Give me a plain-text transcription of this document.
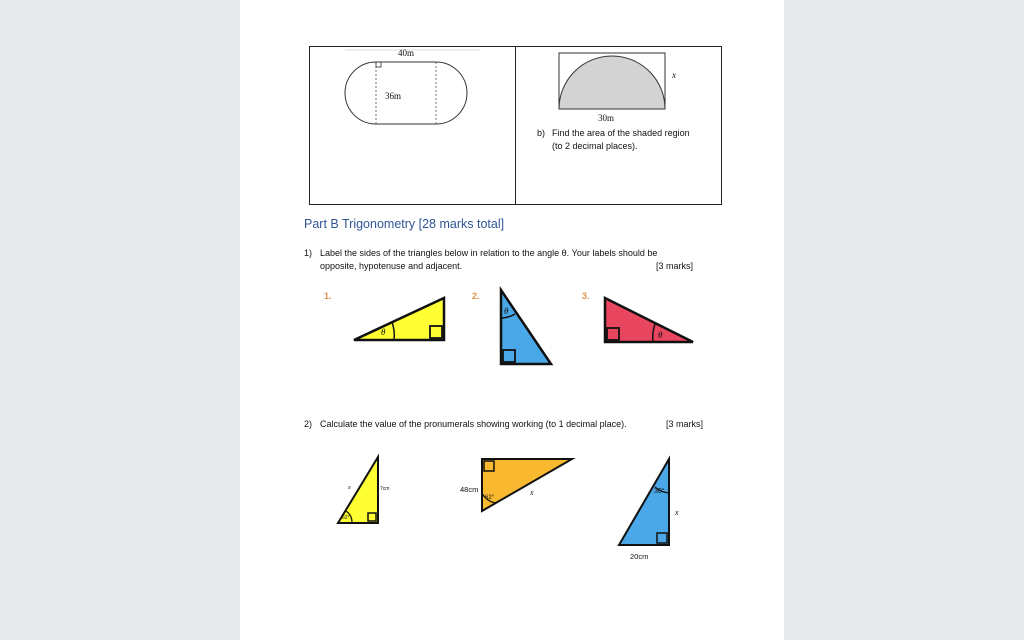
40m
36m
x
30m
b) Find the area of the shaded region
(to 2 decimal places).
Part B Trigonometry [28 marks total]
1) Label the sides of the triangles below in relation to the angle θ. Your labels should be
opposite, hypotenuse and adjacent.	[3 marks]
1.	2.	3.
θ
θ
θ
2) Calculate the value of the pronumerals showing working (to 1 decimal place).	[3 marks]
x	7cm
62°
48cm	x
62°
30°
x
20cm
